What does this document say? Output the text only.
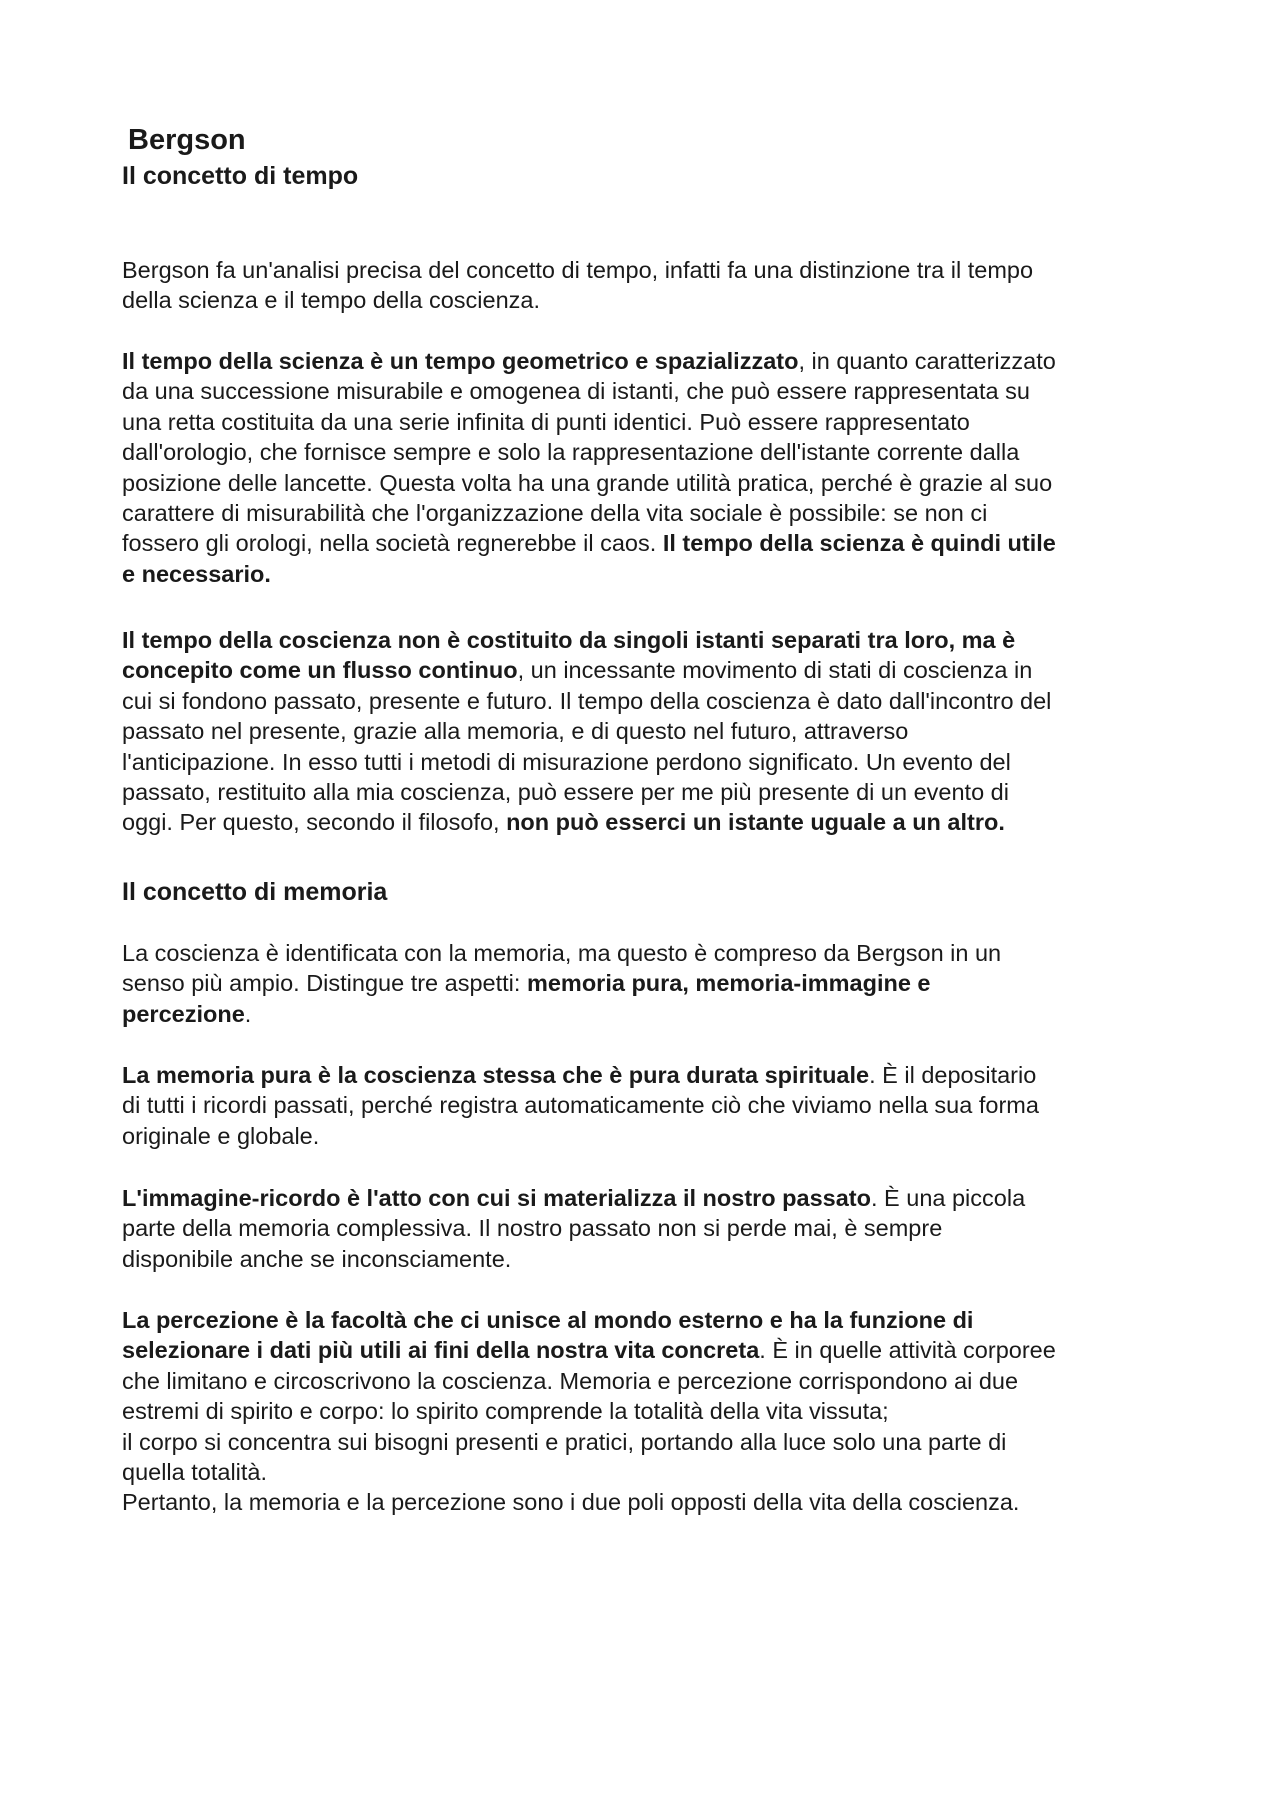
Bergson
Il concetto di tempo
Bergson fa un'analisi precisa del concetto di tempo, infatti fa una distinzione tra il tempo
della scienza e il tempo della coscienza.
Il tempo della scienza è un tempo geometrico e spazializzato, in quanto caratterizzato
da una successione misurabile e omogenea di istanti, che può essere rappresentata su
una retta costituita da una serie infinita di punti identici. Può essere rappresentato
dall'orologio, che fornisce sempre e solo la rappresentazione dell'istante corrente dalla
posizione delle lancette. Questa volta ha una grande utilità pratica, perché è grazie al suo
carattere di misurabilità che l'organizzazione della vita sociale è possibile: se non ci
fossero gli orologi, nella società regnerebbe il caos. Il tempo della scienza è quindi utile
e necessario.
Il tempo della coscienza non è costituito da singoli istanti separati tra loro, ma è
concepito come un flusso continuo, un incessante movimento di stati di coscienza in
cui si fondono passato, presente e futuro. Il tempo della coscienza è dato dall'incontro del
passato nel presente, grazie alla memoria, e di questo nel futuro, attraverso
l'anticipazione. In esso tutti i metodi di misurazione perdono significato. Un evento del
passato, restituito alla mia coscienza, può essere per me più presente di un evento di
oggi. Per questo, secondo il filosofo, non può esserci un istante uguale a un altro.
Il concetto di memoria
La coscienza è identificata con la memoria, ma questo è compreso da Bergson in un
senso più ampio. Distingue tre aspetti: memoria pura, memoria-immagine e
percezione.
La memoria pura è la coscienza stessa che è pura durata spirituale. È il depositario
di tutti i ricordi passati, perché registra automaticamente ciò che viviamo nella sua forma
originale e globale.
L'immagine-ricordo è l'atto con cui si materializza il nostro passato. È una piccola
parte della memoria complessiva. Il nostro passato non si perde mai, è sempre
disponibile anche se inconsciamente.
La percezione è la facoltà che ci unisce al mondo esterno e ha la funzione di
selezionare i dati più utili ai fini della nostra vita concreta. È in quelle attività corporee
che limitano e circoscrivono la coscienza. Memoria e percezione corrispondono ai due
estremi di spirito e corpo: lo spirito comprende la totalità della vita vissuta;
il corpo si concentra sui bisogni presenti e pratici, portando alla luce solo una parte di
quella totalità.
Pertanto, la memoria e la percezione sono i due poli opposti della vita della coscienza.
